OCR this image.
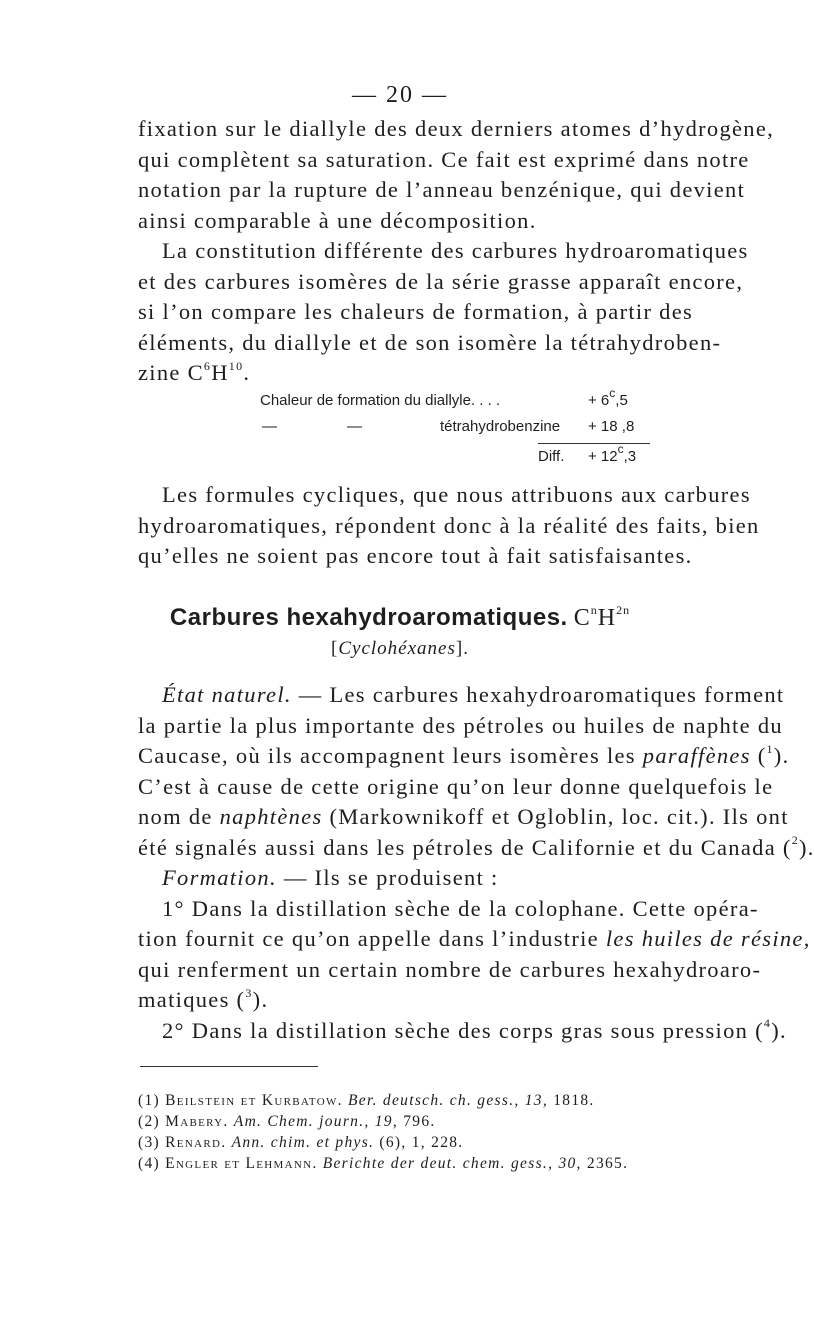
— 20 —

fixation sur le diallyle des deux derniers atomes d’hydrogène,
qui complètent sa saturation. Ce fait est exprimé dans notre
notation par la rupture de l’anneau benzénique, qui devient
ainsi comparable à une décomposition.

La constitution différente des carbures hydroaromatiques
et des carbures isomères de la série grasse apparaît encore,
si l’on compare les chaleurs de formation, à partir des
éléments, du diallyle et de son isomère la tétrahydroben-
zine $C^6H^{10}$.

Chaleur de formation du diallyle. . . .	+ $6^c,5$
—	—	tétrahydrobenzine + 18 ,8
Diff. + $12^c,3$

Les formules cycliques, que nous attribuons aux carbures
hydroaromatiques, répondent donc à la réalité des faits, bien
qu’elles ne soient pas encore tout à fait satisfaisantes.

Carbures hexahydroaromatiques. $C^nH^{2n}$
[Cyclohéxanes].

État naturel. — Les carbures hexahydroaromatiques forment
la partie la plus importante des pétroles ou huiles de naphte du
Caucase, où ils accompagnent leurs isomères les paraffènes ($^1$).
C’est à cause de cette origine qu’on leur donne quelquefois le
nom de naphtènes (Markownikoff et Ogloblin, loc. cit.). Ils ont
été signalés aussi dans les pétroles de Californie et du Canada ($^2$).
Formation. — Ils se produisent :
1° Dans la distillation sèche de la colophane. Cette opéra-
tion fournit ce qu’on appelle dans l’industrie les huiles de résine,
qui renferment un certain nombre de carbures hexahydroaro-
matiques ($^3$).
2° Dans la distillation sèche des corps gras sous pression ($^4$).

(1) Beilstein et Kurbatow. Ber. deutsch. ch. gess., 13, 1818.
(2) Mabery. Am. Chem. journ., 19, 796.
(3) Renard. Ann. chim. et phys. (6), 1, 228.
(4) Engler et Lehmann. Berichte der deut. chem. gess., 30, 2365.
